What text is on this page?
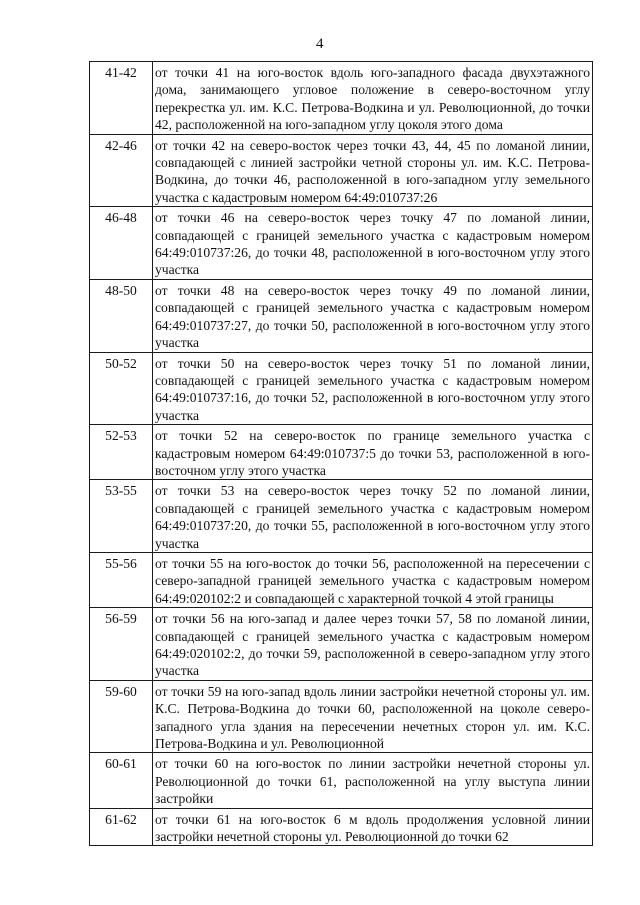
4
41-42	от точки 41 на юго-восток вдоль юго-западного фасада двухэтажного дома, занимающего угловое положение в северо-восточном углу перекрестка ул. им. К.С. Петрова-Водкина и ул. Революционной, до точки 42, расположенной на юго-западном углу цоколя этого дома
42-46	от точки 42 на северо-восток через точки 43, 44, 45 по ломаной линии, совпадающей с линией застройки четной стороны ул. им. К.С. Петрова-Водкина, до точки 46, расположенной в юго-западном углу земельного участка с кадастровым номером 64:49:010737:26
46-48	от точки 46 на северо-восток через точку 47 по ломаной линии, совпадающей с границей земельного участка с кадастровым номером 64:49:010737:26, до точки 48, расположенной в юго-восточном углу этого участка
48-50	от точки 48 на северо-восток через точку 49 по ломаной линии, совпадающей с границей земельного участка с кадастровым номером 64:49:010737:27, до точки 50, расположенной в юго-восточном углу этого участка
50-52	от точки 50 на северо-восток через точку 51 по ломаной линии, совпадающей с границей земельного участка с кадастровым номером 64:49:010737:16, до точки 52, расположенной в юго-восточном углу этого участка
52-53	от точки 52 на северо-восток по границе земельного участка с кадастровым номером 64:49:010737:5 до точки 53, расположенной в юго-восточном углу этого участка
53-55	от точки 53 на северо-восток через точку 52 по ломаной линии, совпадающей с границей земельного участка с кадастровым номером 64:49:010737:20, до точки 55, расположенной в юго-восточном углу этого участка
55-56	от точки 55 на юго-восток до точки 56, расположенной на пересечении с северо-западной границей земельного участка с кадастровым номером 64:49:020102:2 и совпадающей с характерной точкой 4 этой границы
56-59	от точки 56 на юго-запад и далее через точки 57, 58 по ломаной линии, совпадающей с границей земельного участка с кадастровым номером 64:49:020102:2, до точки 59, расположенной в северо-западном углу этого участка
59-60	от точки 59 на юго-запад вдоль линии застройки нечетной стороны ул. им. К.С. Петрова-Водкина до точки 60, расположенной на цоколе северо-западного угла здания на пересечении нечетных сторон ул. им. К.С. Петрова-Водкина и ул. Революционной
60-61	от точки 60 на юго-восток по линии застройки нечетной стороны ул. Революционной до точки 61, расположенной на углу выступа линии застройки
61-62	от точки 61 на юго-восток 6 м вдоль продолжения условной линии застройки нечетной стороны ул. Революционной до точки 62
